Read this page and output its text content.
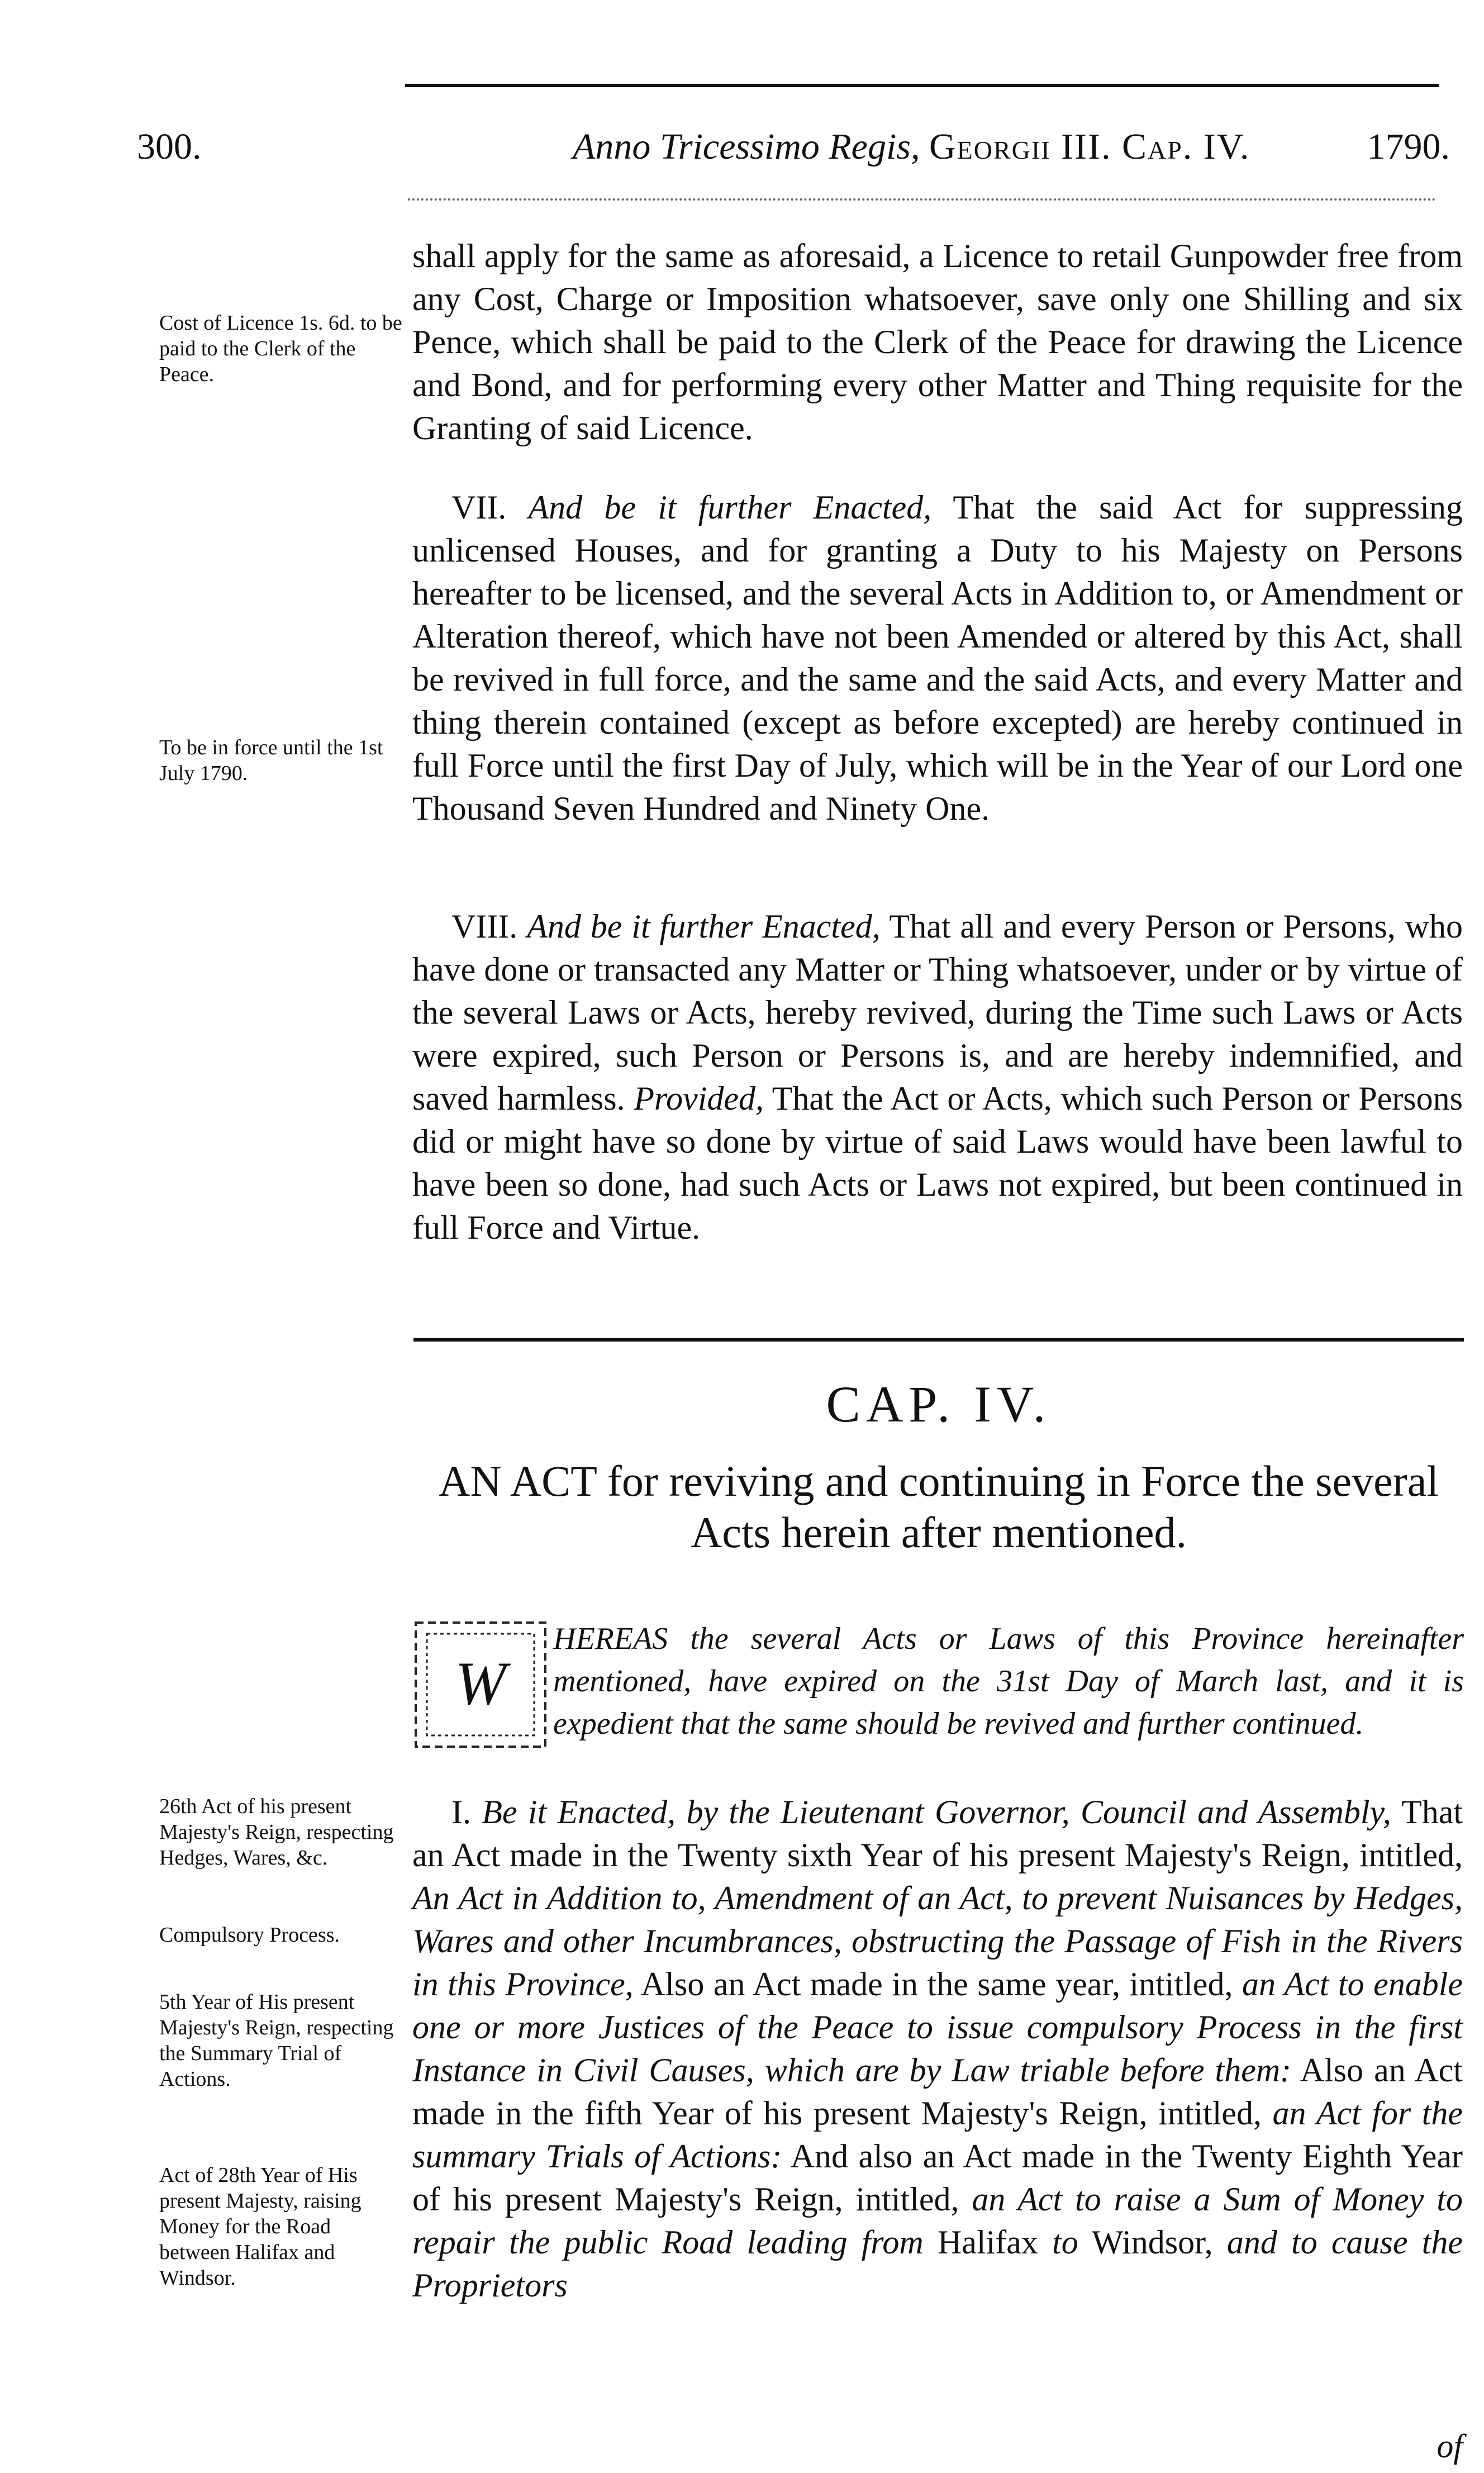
300.	Anno Tricessimo Regis, Georgii III. Cap. IV.	1790.

shall apply for the same as aforesaid, a Licence to retail Gunpowder free from any Cost, Charge or Imposition whatsoever, save only one Shilling and six Pence, which shall be paid to the Clerk of the Peace for drawing the Licence and Bond, and for performing every other Matter and Thing requisite for the Granting of said Licence.

Cost of Licence 1s. 6d. to be paid to the Clerk of the Peace.

VII. And be it further Enacted, That the said Act for suppressing unlicensed Houses, and for granting a Duty to his Majesty on Persons hereafter to be licensed, and the several Acts in Addition to, or Amendment or Alteration thereof, which have not been Amended or altered by this Act, shall be revived in full force, and the same and the said Acts, and every Matter and thing therein contained (except as before excepted) are hereby continued in full Force until the first Day of July, which will be in the Year of our Lord one Thousand Seven Hundred and Ninety One.

To be in force until the 1st July 1790.

VIII. And be it further Enacted, That all and every Person or Persons, who have done or transacted any Matter or Thing whatsoever, under or by virtue of the several Laws or Acts, hereby revived, during the Time such Laws or Acts were expired, such Person or Persons is, and are hereby indemnified, and saved harmless. Provided, That the Act or Acts, which such Person or Persons did or might have so done by virtue of said Laws would have been lawful to have been so done, had such Acts or Laws not expired, but been continued in full Force and Virtue.

CAP. IV.
AN ACT for reviving and continuing in Force the several Acts herein after mentioned.
W
HEREAS the several Acts or Laws of this Province hereinafter mentioned, have expired on the 31st Day of March last, and it is expedient that the same should be revived and further continued.

I. Be it Enacted, by the Lieutenant Governor, Council and Assembly, That an Act made in the Twenty sixth Year of his present Majesty's Reign, intitled, An Act in Addition to, Amendment of an Act, to prevent Nuisances by Hedges, Wares and other Incumbrances, obstructing the Passage of Fish in the Rivers in this Province, Also an Act made in the same year, intitled, an Act to enable one or more Justices of the Peace to issue compulsory Process in the first Instance in Civil Causes, which are by Law triable before them: Also an Act made in the fifth Year of his present Majesty's Reign, intitled, an Act for the summary Trials of Actions: And also an Act made in the Twenty Eighth Year of his present Majesty's Reign, intitled, an Act to raise a Sum of Money to repair the public Road leading from Halifax to Windsor, and to cause the Proprietors

of
26th Act of his present Majesty's Reign, respecting Hedges, Wares, &c.
Compulsory Process.
5th Year of His present Majesty's Reign, respecting the Summary Trial of Actions.
Act of 28th Year of His present Majesty, raising Money for the Road between Halifax and Windsor.
